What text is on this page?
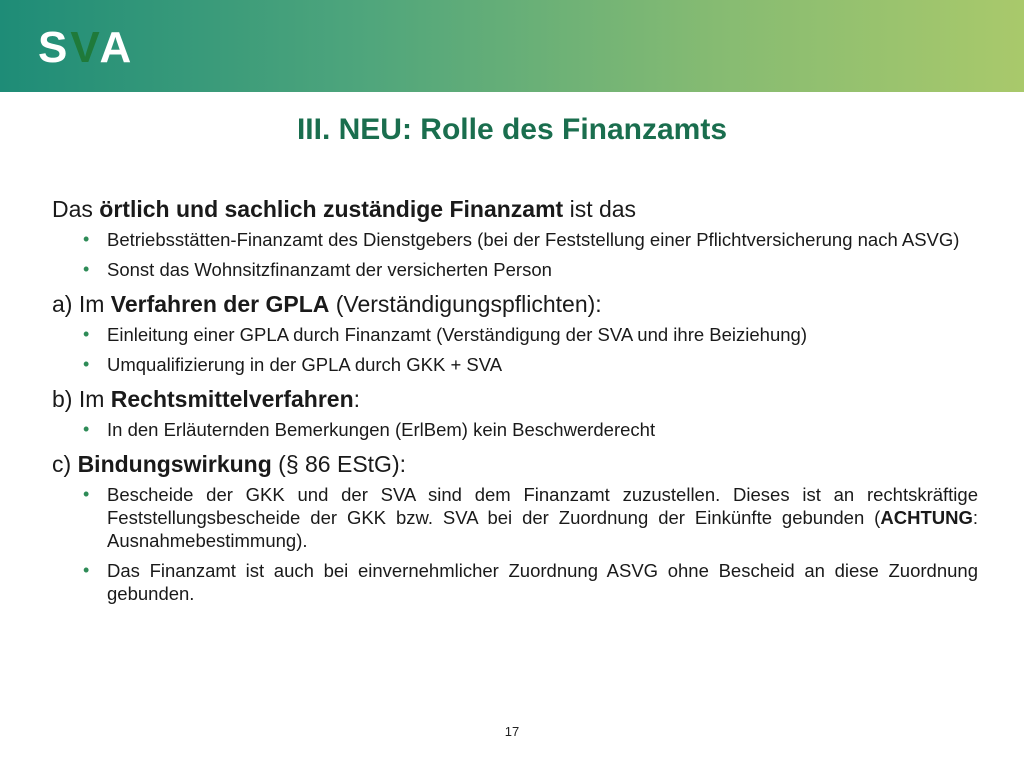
SVA
III. NEU: Rolle des Finanzamts

Das örtlich und sachlich zuständige Finanzamt ist das

• Betriebsstätten-Finanzamt des Dienstgebers (bei der Feststellung einer Pflichtversicherung nach ASVG)
• Sonst das Wohnsitzfinanzamt der versicherten Person

a) Im Verfahren der GPLA (Verständigungspflichten):

• Einleitung einer GPLA durch Finanzamt (Verständigung der SVA und ihre Beiziehung)
• Umqualifizierung in der GPLA durch GKK + SVA

b) Im Rechtsmittelverfahren:

• In den Erläuternden Bemerkungen (ErlBem) kein Beschwerderecht

c) Bindungswirkung (§ 86 EStG):

• Bescheide der GKK und der SVA sind dem Finanzamt zuzustellen. Dieses ist an rechtskräftige Feststellungsbescheide der GKK bzw. SVA bei der Zuordnung der Einkünfte gebunden (ACHTUNG: Ausnahmebestimmung).
• Das Finanzamt ist auch bei einvernehmlicher Zuordnung ASVG ohne Bescheid an diese Zuordnung gebunden.
17
